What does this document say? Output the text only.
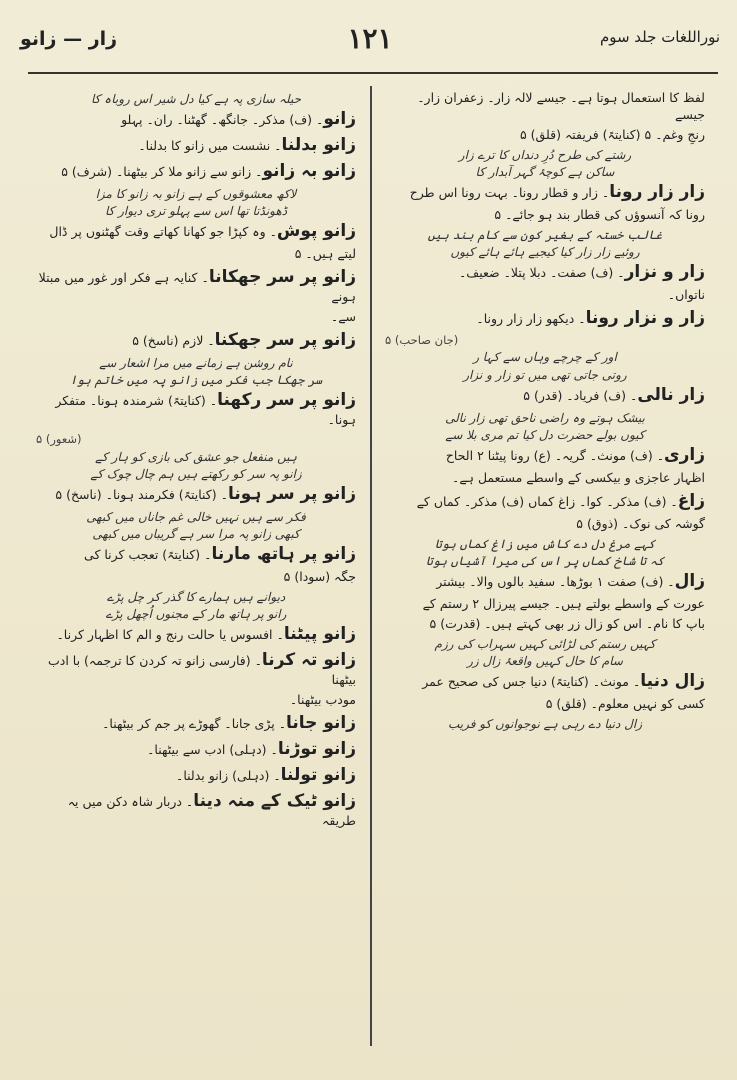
نوراللغات جلد سوم
١٢١
زار — زانو
لفظ کا استعمال ہوتا ہے۔ جیسے لالہ زار۔ زعفران زار۔ جیسے
رنجِ وغم۔ ۵ (کنایتہً) فریفتہ (قلق) ۵
رشتے کی طرح دُرِ دنداں کا ترے زار
ساکن ہے کوچۂ گہر آبدار کا
زار زار رونا۔ زار و قطار رونا۔ بہت رونا اس طرح
رونا کہ آنسوؤں کی قطار بند ہو جائے۔ ۵
غالب خستہ کے بغیر کون سے کام بند ہیں
روئیے زار زار کیا کیجیے ہائے ہائے کیوں
زار و نزار۔ (ف) صفت۔ دبلا پتلا۔ ضعیف۔
ناتواں۔
زار و نزار رونا۔ دیکھو زار زار رونا۔
(جان صاحب) ۵
اور کے چرچے وہاں سے کہا ر
روتی جاتی تھی میں تو زار و نزار
زار نالی۔ (ف) فریاد۔ (قدر) ۵
بیشک ہوتے وہ راضی ناحق تھی زار نالی
کیوں بولے حضرت دل کیا تم مری بلا سے
زاری۔ (ف) مونث۔ گریہ۔ (ع) رونا پیٹنا ۲ الحاح
اظہار عاجزی و بیکسی کے واسطے مستعمل ہے۔
زاغ۔ (ف) مذکر۔ کوا۔ زاغ کماں (ف) مذکر۔ کماں کے
گوشہ کی نوک۔ (ذوق) ۵
کہے مرغ دل دے کاش میں زاغ کماں ہوتا
کہ تا شاخ کماں پر اس کی میرا آشیاں ہوتا
زال۔ (ف) صفت ۱ بوڑھا۔ سفید بالوں والا۔ بیشتر
عورت کے واسطے بولتے ہیں۔ جیسے پیرزال ۲ رستم کے
باپ کا نام۔ اس کو زال زر بھی کہتے ہیں۔ (قدرت) ۵
کہیں رستم کی لڑائی کہیں سہراب کی رزم
سام کا حال کہیں واقعۂ زال زر
زال دنیا۔ مونث۔ (کنایتہً) دنیا جس کی صحیح عمر
کسی کو نہیں معلوم۔ (قلق) ۵
زال دنیا دے رہی ہے نوجوانوں کو فریب
حیلہ سازی پہ ہے کیا دل شیر اس روباہ کا
زانو۔ (ف) مذکر۔ جانگھ۔ گھٹنا۔ ران۔ پہلو
زانو بدلنا۔ نشست میں زانو کا بدلنا۔
زانو بہ زانو۔ زانو سے زانو ملا کر بیٹھنا۔ (شرف) ۵
لاکھ معشوقوں کے ہے زانو بہ زانو کا مزا
ڈھونڈتا تھا اس سے پہلو تری دیوار کا
زانو پوش۔ وہ کپڑا جو کھانا کھاتے وقت گھٹنوں پر ڈال
لیتے ہیں۔ ۵
زانو پر سر جھکانا۔ کنایہ ہے فکر اور غور میں مبتلا ہونے
سے۔
زانو پر سر جھکنا۔ لازم (ناسخ) ۵
نام روشن ہے زمانے میں مرا اشعار سے
سر جھکا جب فکر میں زانو پہ میں خاتم ہوا
زانو پر سر رکھنا۔ (کنایتہً) شرمندہ ہونا۔ متفکر ہونا۔
(شعور) ۵
ہیں منفعل جو عشق کی بازی کو ہار کے
زانو پہ سر کو رکھتے ہیں ہم چال چوک کے
زانو پر سر ہونا۔ (کنایتہً) فکرمند ہونا۔ (ناسخ) ۵
فکر سے ہیں نہیں خالی غم جاناں میں کبھی
کبھی زانو پہ مرا سر ہے گریباں میں کبھی
زانو پر ہاتھ مارنا۔ (کنایتہً) تعجب کرنا کی
جگہ (سودا) ۵
دیوانے ہیں ہمارے کا گذر کر چل پڑے
رانو پر ہاتھ مار کے مجنوں اُچھل پڑے
زانو پیٹنا۔ افسوس یا حالت رنج و الم کا اظہار کرنا۔
زانو تہ کرنا۔ (فارسی زانو تہ کردن کا ترجمہ) با ادب بیٹھنا
مودب بیٹھنا۔
زانو جانا۔ پڑی جانا۔ گھوڑے پر جم کر بیٹھنا۔
زانو توڑنا۔ (دہلی) ادب سے بیٹھنا۔
زانو تولنا۔ (دہلی) زانو بدلنا۔
زانو ٹیک کے منہ دینا۔ دربار شاہ دکن میں یہ طریقہ
